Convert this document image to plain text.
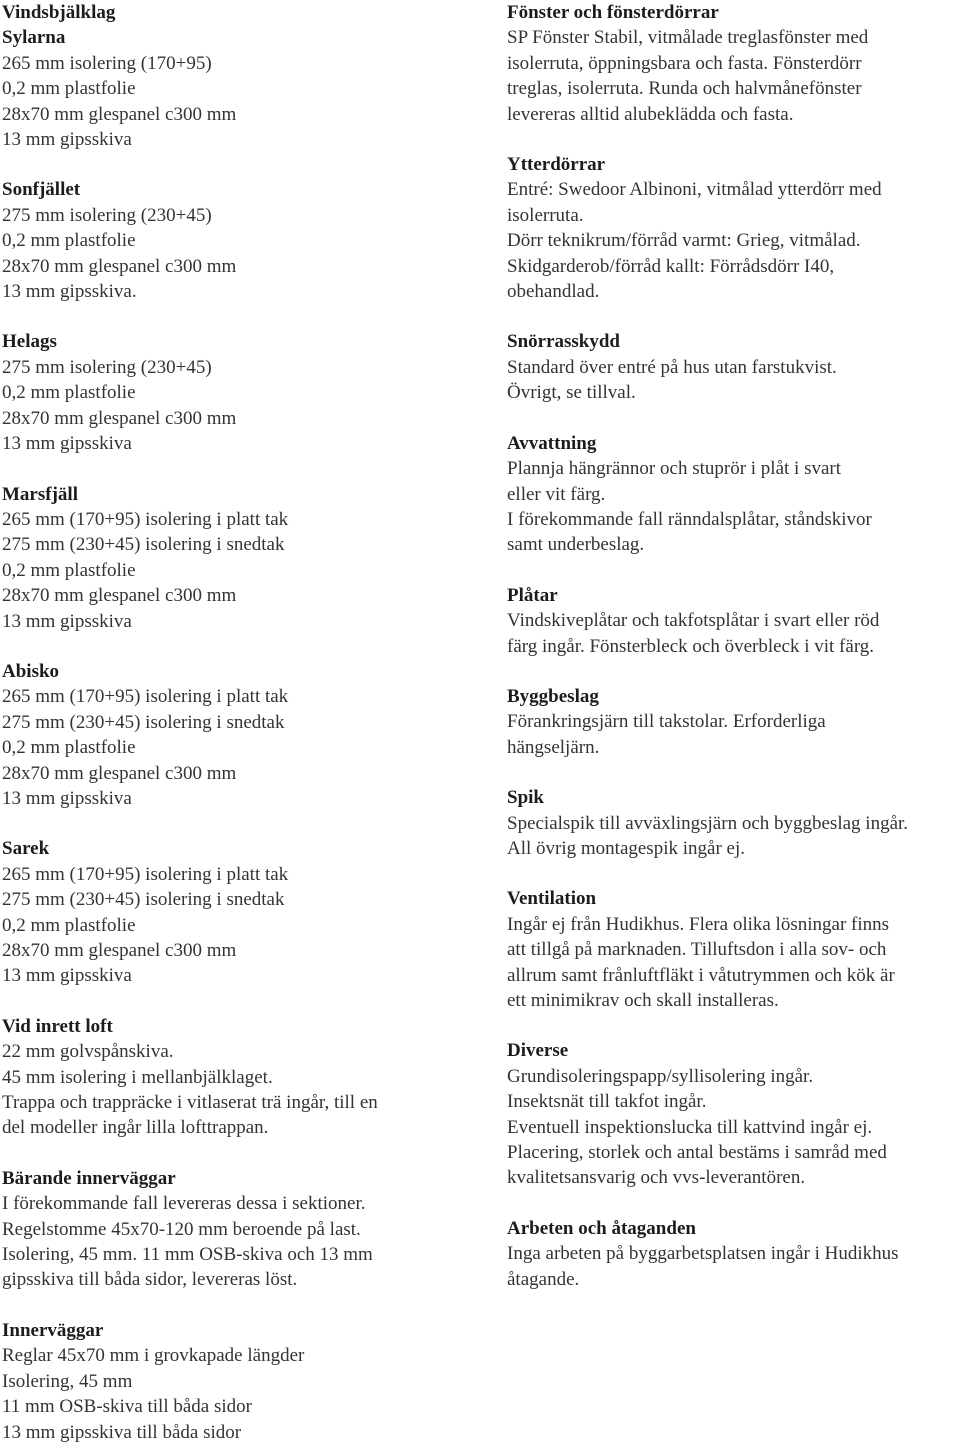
Vindsbjälklag
Sylarna
265 mm isolering (170+95)
0,2 mm plastfolie
28x70 mm glespanel c300 mm
13 mm gipsskiva
Sonfjället
275 mm isolering (230+45)
0,2 mm plastfolie
28x70 mm glespanel c300 mm
13 mm gipsskiva.
Helags
275 mm isolering (230+45)
0,2 mm plastfolie
28x70 mm glespanel c300 mm
13 mm gipsskiva
Marsfjäll
265 mm (170+95) isolering i platt tak
275 mm (230+45) isolering i snedtak
0,2 mm plastfolie
28x70 mm glespanel c300 mm
13 mm gipsskiva
Abisko
265 mm (170+95) isolering i platt tak
275 mm (230+45) isolering i snedtak
0,2 mm plastfolie
28x70 mm glespanel c300 mm
13 mm gipsskiva
Sarek
265 mm (170+95) isolering i platt tak
275 mm (230+45) isolering i snedtak
0,2 mm plastfolie
28x70 mm glespanel c300 mm
13 mm gipsskiva
Vid inrett loft
22 mm golvspånskiva.
45 mm isolering i mellanbjälklaget.
Trappa och trappräcke i vitlaserat trä ingår, till en
del modeller ingår lilla lofttrappan.
Bärande innerväggar
I förekommande fall levereras dessa i sektioner.
Regelstomme 45x70-120 mm beroende på last.
Isolering, 45 mm. 11 mm OSB-skiva och 13 mm
gipsskiva till båda sidor, levereras löst.
Innerväggar
Reglar 45x70 mm i grovkapade längder
Isolering, 45 mm
11 mm OSB-skiva till båda sidor
13 mm gipsskiva till båda sidor
Fönster och fönsterdörrar
SP Fönster Stabil, vitmålade treglasfönster med
isolerruta, öppningsbara och fasta. Fönsterdörr
treglas, isolerruta. Runda och halvmånefönster
levereras alltid alubeklädda och fasta.
Ytterdörrar
Entré: Swedoor Albinoni, vitmålad ytterdörr med
isolerruta.
Dörr teknikrum/förråd varmt: Grieg, vitmålad.
Skidgarderob/förråd kallt: Förrådsdörr I40,
obehandlad.
Snörrasskydd
Standard över entré på hus utan farstukvist.
Övrigt, se tillval.
Avvattning
Plannja hängrännor och stuprör i plåt i svart
eller vit färg.
I förekommande fall ränndalsplåtar, ståndskivor
samt underbeslag.
Plåtar
Vindskiveplåtar och takfotsplåtar i svart eller röd
färg ingår. Fönsterbleck och överbleck i vit färg.
Byggbeslag
Förankringsjärn till takstolar. Erforderliga
hängseljärn.
Spik
Specialspik till avväxlingsjärn och byggbeslag ingår.
All övrig montagespik ingår ej.
Ventilation
Ingår ej från Hudikhus. Flera olika lösningar finns
att tillgå på marknaden. Tilluftsdon i alla sov- och
allrum samt frånluftfläkt i våtutrymmen och kök är
ett minimikrav och skall installeras.
Diverse
Grundisoleringspapp/syllisolering ingår.
Insektsnät till takfot ingår.
Eventuell inspektionslucka till kattvind ingår ej.
Placering, storlek och antal bestäms i samråd med
kvalitetsansvarig och vvs-leverantören.
Arbeten och åtaganden
Inga arbeten på byggarbetsplatsen ingår i Hudikhus
åtagande.
